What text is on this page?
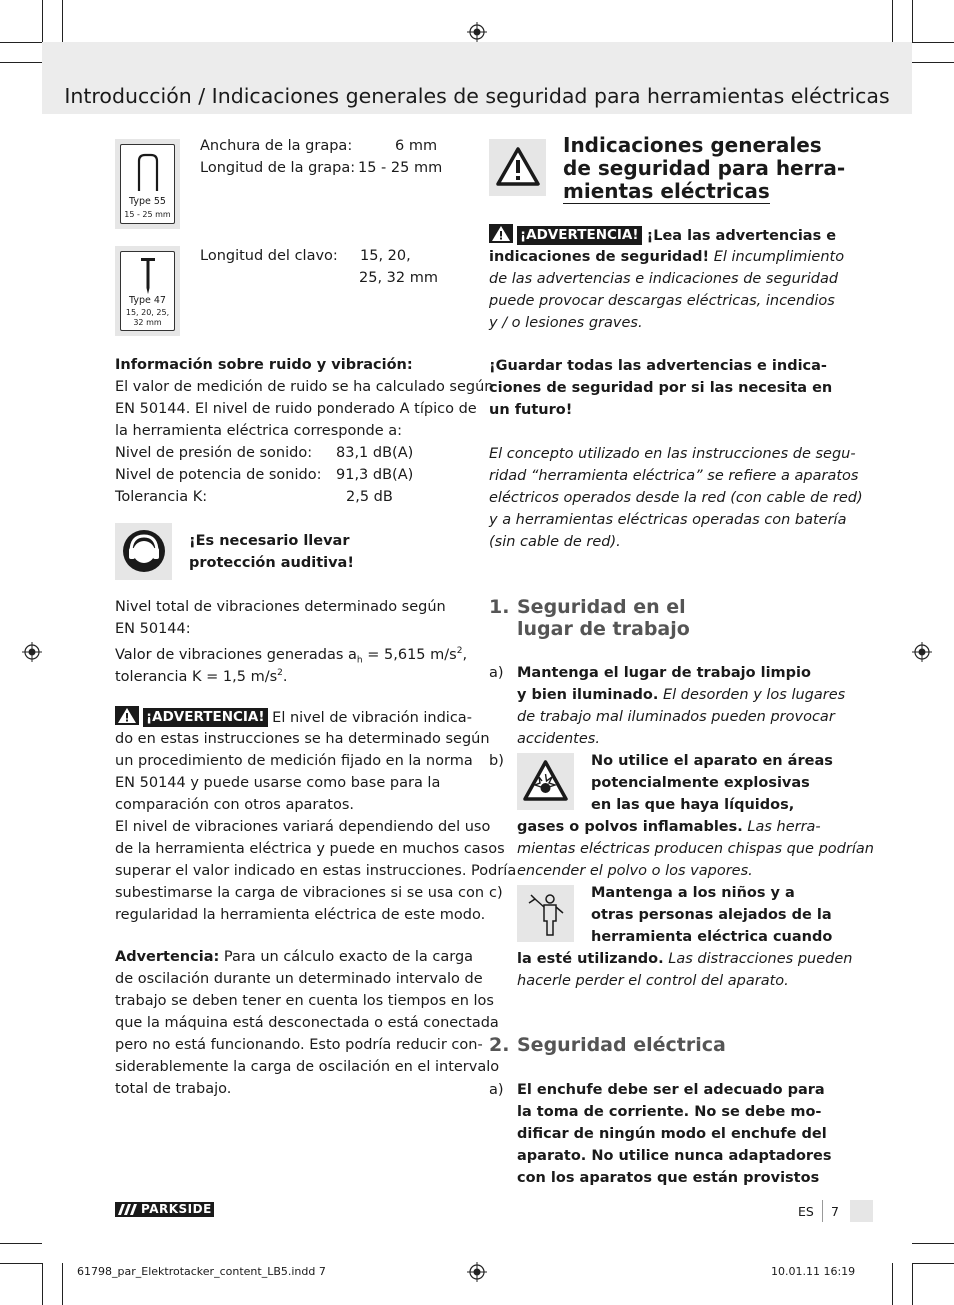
Introducción / Indicaciones generales de seguridad para herramientas eléctricas
Type 55
15 - 25 mm
Anchura de la grapa:	6 mm
Longitud de la grapa: 15 - 25 mm
Type 47
15, 20, 25,
32 mm
Longitud del clavo: 15, 20,
25, 32 mm
Información sobre ruido y vibración:
El valor de medición de ruido se ha calculado según
EN 50144. El nivel de ruido ponderado A típico de
la herramienta eléctrica corresponde a:
Nivel de presión de sonido: 83,1 dB(A)
Nivel de potencia de sonido: 91,3 dB(A)
Tolerancia K:	2,5 dB
¡Es necesario llevar
protección auditiva!
Nivel total de vibraciones determinado según
EN 50144:
Valor de vibraciones generadas $a_h = 5,615$ $m/s^2$,
tolerancia K = 1,5 $m/s^2$.
¡ADVERTENCIA! El nivel de vibración indica-

do en estas instrucciones se ha determinado según

un procedimiento de medición fijado en la norma

EN 50144 y puede usarse como base para la

comparación con otros aparatos.

El nivel de vibraciones variará dependiendo del uso

de la herramienta eléctrica y puede en muchos casos

superar el valor indicado en estas instrucciones. Podría

subestimarse la carga de vibraciones si se usa con

regularidad la herramienta eléctrica de este modo.

Advertencia: Para un cálculo exacto de la carga

de oscilación durante un determinado intervalo de

trabajo se deben tener en cuenta los tiempos en los

que la máquina está desconectada o está conectada

pero no está funcionando. Esto podría reducir con-

siderablemente la carga de oscilación en el intervalo

total de trabajo.

Indicaciones generales
de seguridad para herra-
mientas eléctricas
¡ADVERTENCIA! ¡Lea las advertencias e
indicaciones de seguridad! El incumplimiento

de las advertencias e indicaciones de seguridad

puede provocar descargas eléctricas, incendios

y / o lesiones graves.

¡Guardar todas las advertencias e indica-

ciones de seguridad por si las necesita en

un futuro!

El concepto utilizado en las instrucciones de segu-

ridad “herramienta eléctrica” se refiere a aparatos

eléctricos operados desde la red (con cable de red)

y a herramientas eléctricas operadas con batería

(sin cable de red).

1. Seguridad en el
lugar de trabajo
a) Mantenga el lugar de trabajo limpio
y bien iluminado. El desorden y los lugares
de trabajo mal iluminados pueden provocar
accidentes.
b)	No utilice el aparato en áreas
potencialmente explosivas
en las que haya líquidos,
gases o polvos inflamables. Las herra-
mientas eléctricas producen chispas que podrían
encender el polvo o los vapores.
c)	Mantenga a los niños y a
otras personas alejados de la
herramienta eléctrica cuando
la esté utilizando. Las distracciones pueden
hacerle perder el control del aparato.
2. Seguridad eléctrica
a) El enchufe debe ser el adecuado para

la toma de corriente. No se debe mo-

dificar de ningún modo el enchufe del

aparato. No utilice nunca adaptadores

con los aparatos que están provistos

PARKSIDE	ES 7
61798_par_Elektrotacker_content_LB5.indd 7	10.01.11 16:19
